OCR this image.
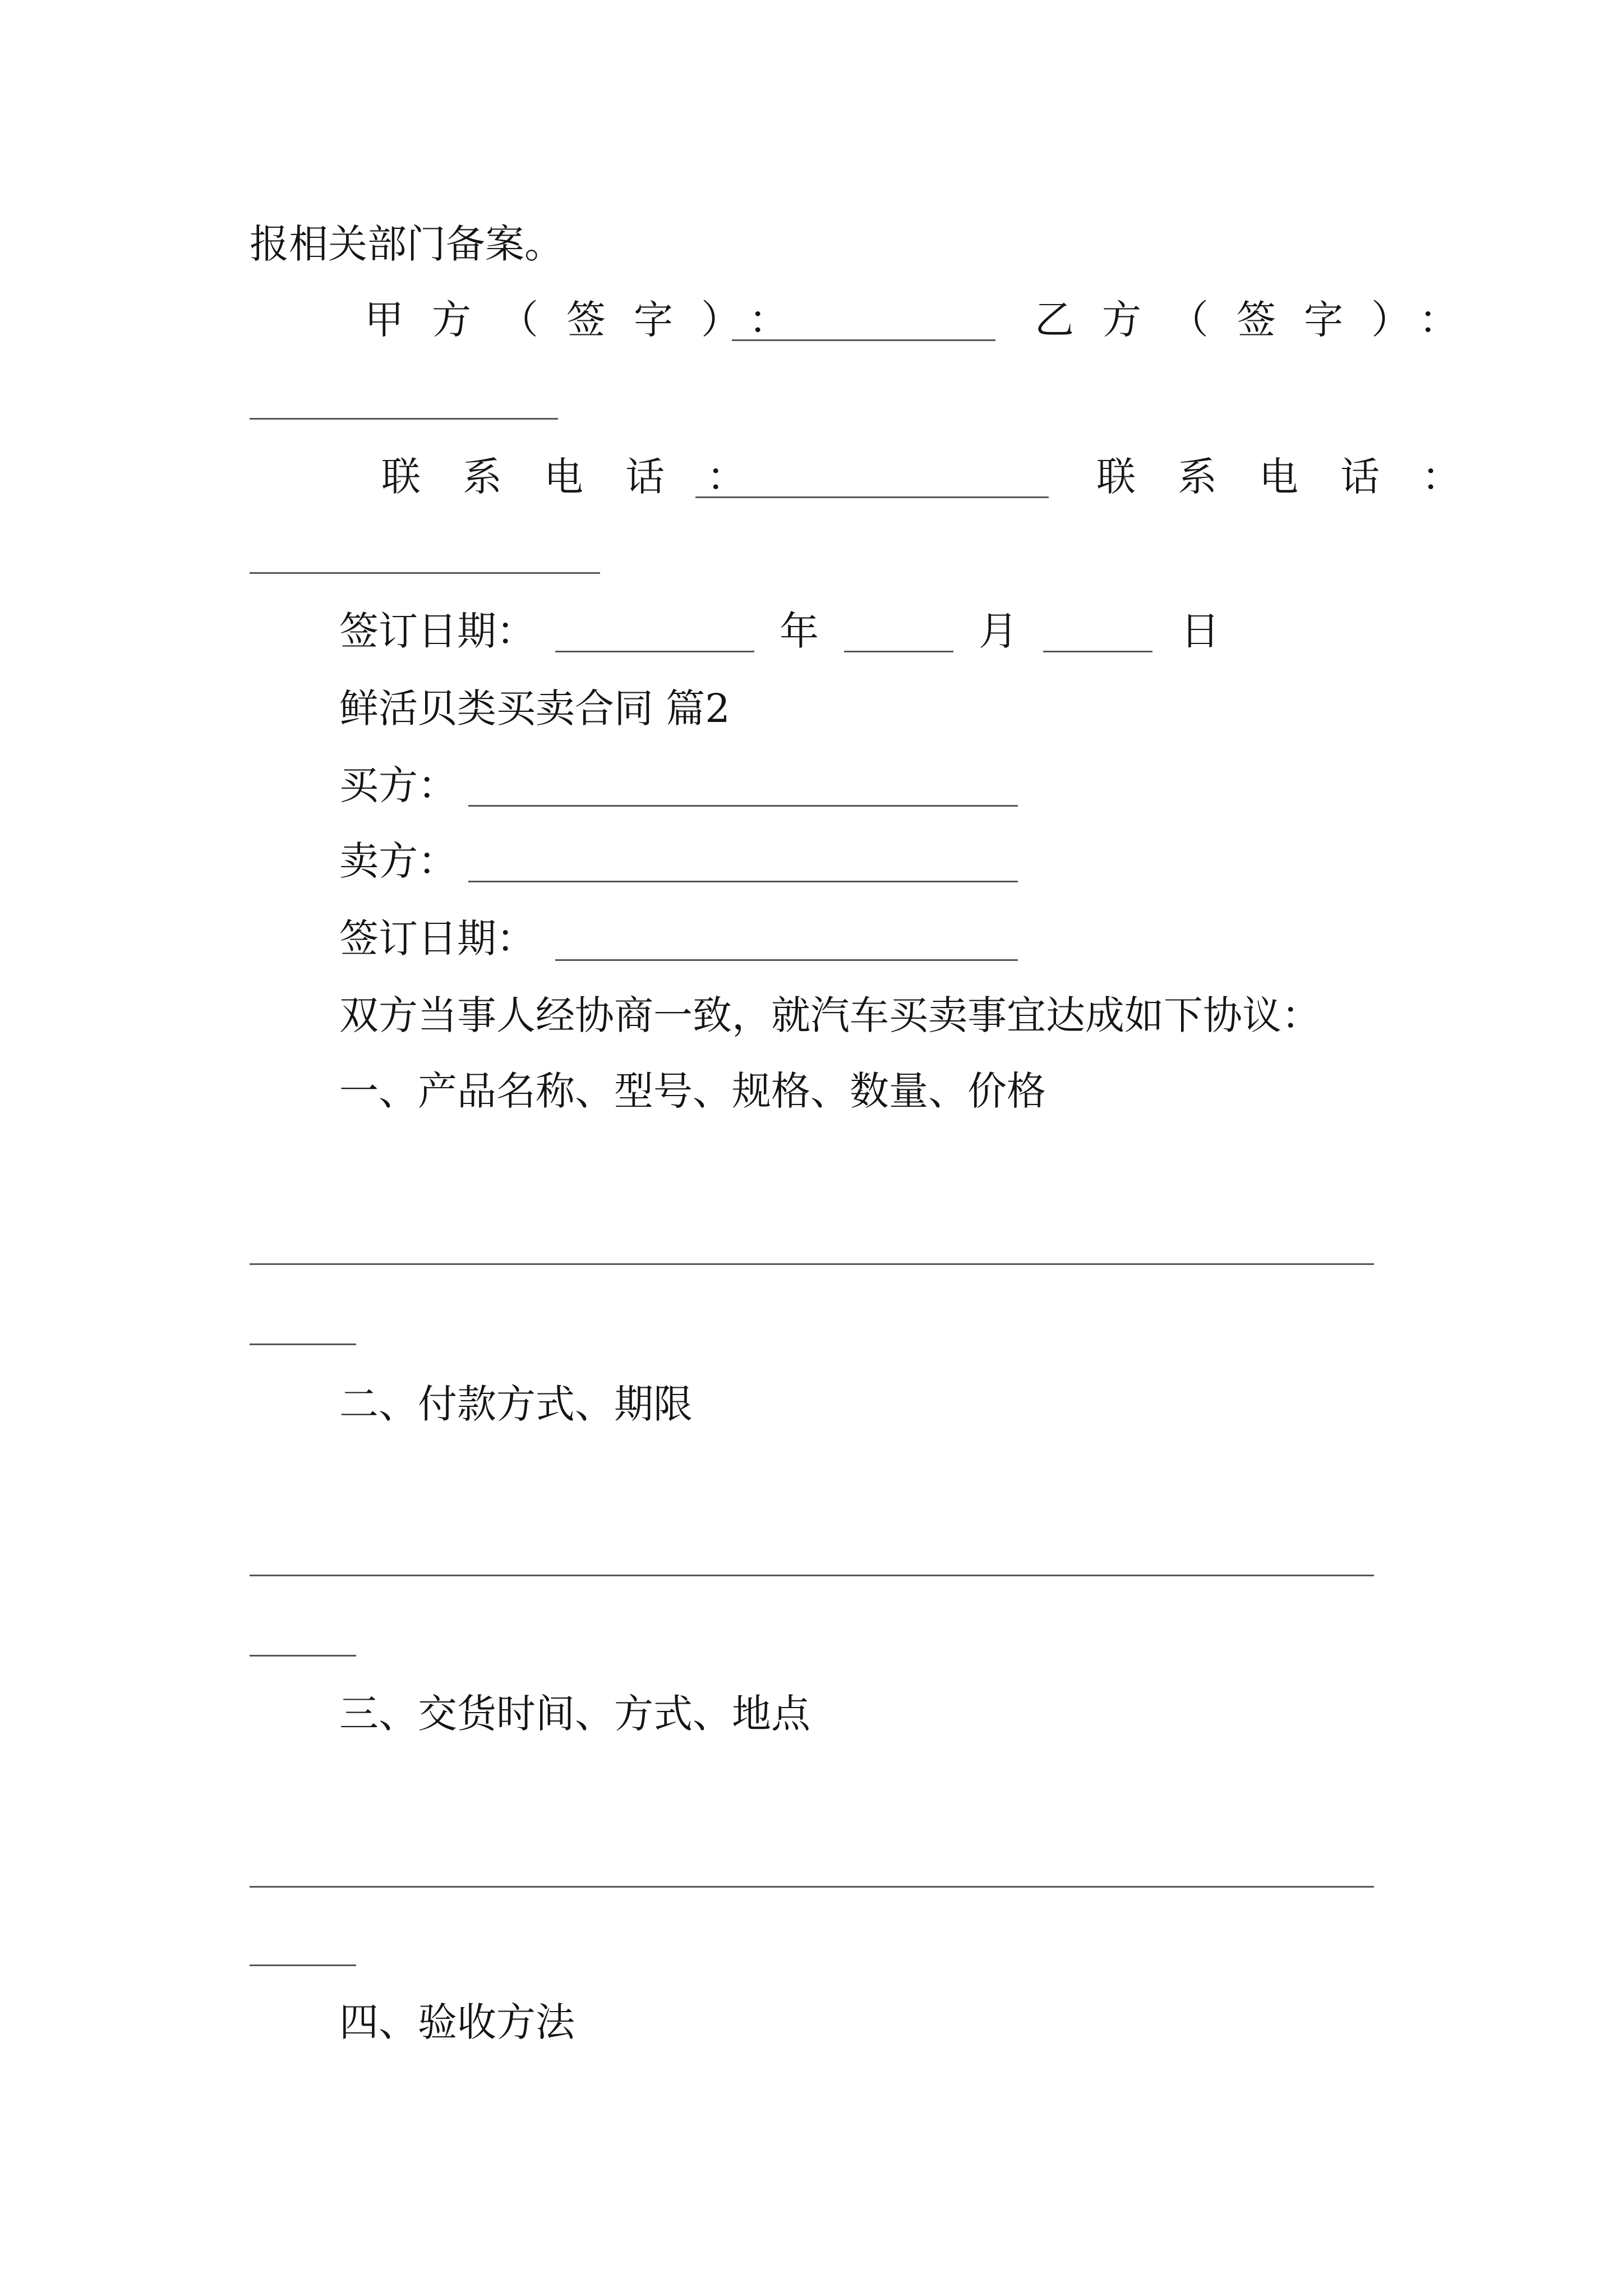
报相关部门备案。
甲方（签字）：	乙方（签字）：
联系电话：	联系电话：
签订日期：	年	月	日
鲜活贝类买卖合同 篇2
买方：
卖方：
签订日期：
双方当事人经协商一致，就汽车买卖事宜达成如下协议：
一、产品名称、型号、规格、数量、价格
二、付款方式、期限
三、交货时间、方式、地点
四、验收方法
